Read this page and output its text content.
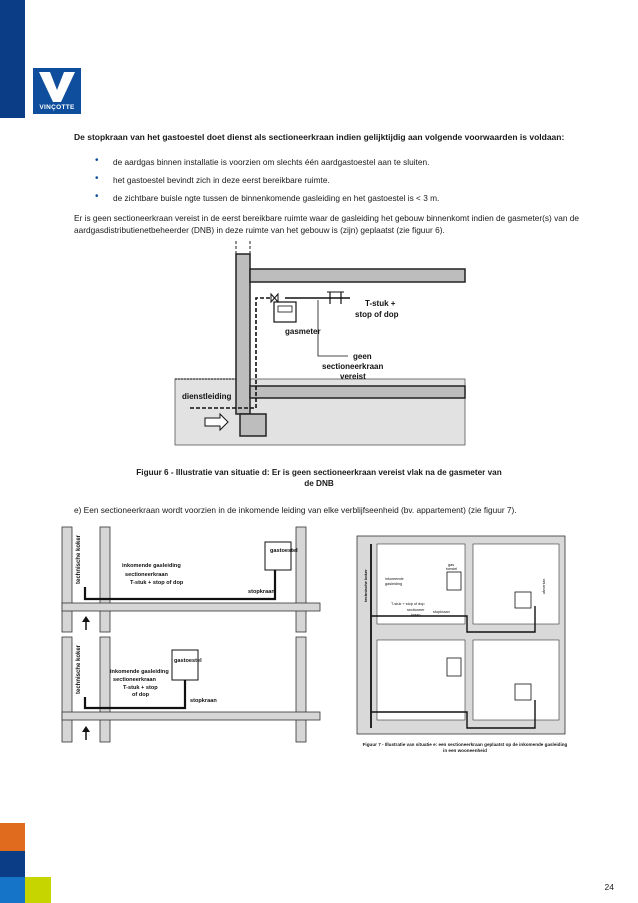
VINÇOTTE
De stopkraan van het gastoestel doet dienst als sectioneerkraan indien gelijktijdig aan volgende voorwaarden is voldaan:
• de aardgas binnen installatie is voorzien om slechts één aardgastoestel aan te sluiten.
• het gastoestel bevindt zich in deze eerst bereikbare ruimte.
• de zichtbare buisle ngte tussen de binnenkomende gasleiding en het gastoestel is < 3 m.
Er is geen sectioneerkraan vereist in de eerst bereikbare ruimte waar de gasleiding het gebouw binnenkomt indien de gasmeter(s) van de aardgasdistributienetbeheerder (DNB) in deze ruimte van het gebouw is (zijn) geplaatst (zie figuur 6).
gasmeter
T-stuk +
stop of dop
geen
sectioneerkraan
vereist
dienstleiding
Figuur 6 - Illustratie van situatie d: Er is geen sectioneerkraan vereist vlak na de gasmeter van
de DNB
e) Een sectioneerkraan wordt voorzien in de inkomende leiding van elke verblijfseenheid (bv. appartement) (zie figuur 7).
technische koker	inkomende gasleiding
sectioneerkraan
T-stuk + stop of dop
gastoestel
stopkraan
technische koker	inkomende gasleiding
sectioneerkraan
T-stuk + stop
of dop
gastoestel
stopkraan
technische koker	inkomende
gasleiding
T-stuk + stop of dop
sectioneer
kraan
stopkraan
gas
toestel
afvoerkan
Figuur 7 - Illustratie van situatie e: een sectioneerkraan geplaatst op de inkomende gasleiding
in een wooneenheid
24
